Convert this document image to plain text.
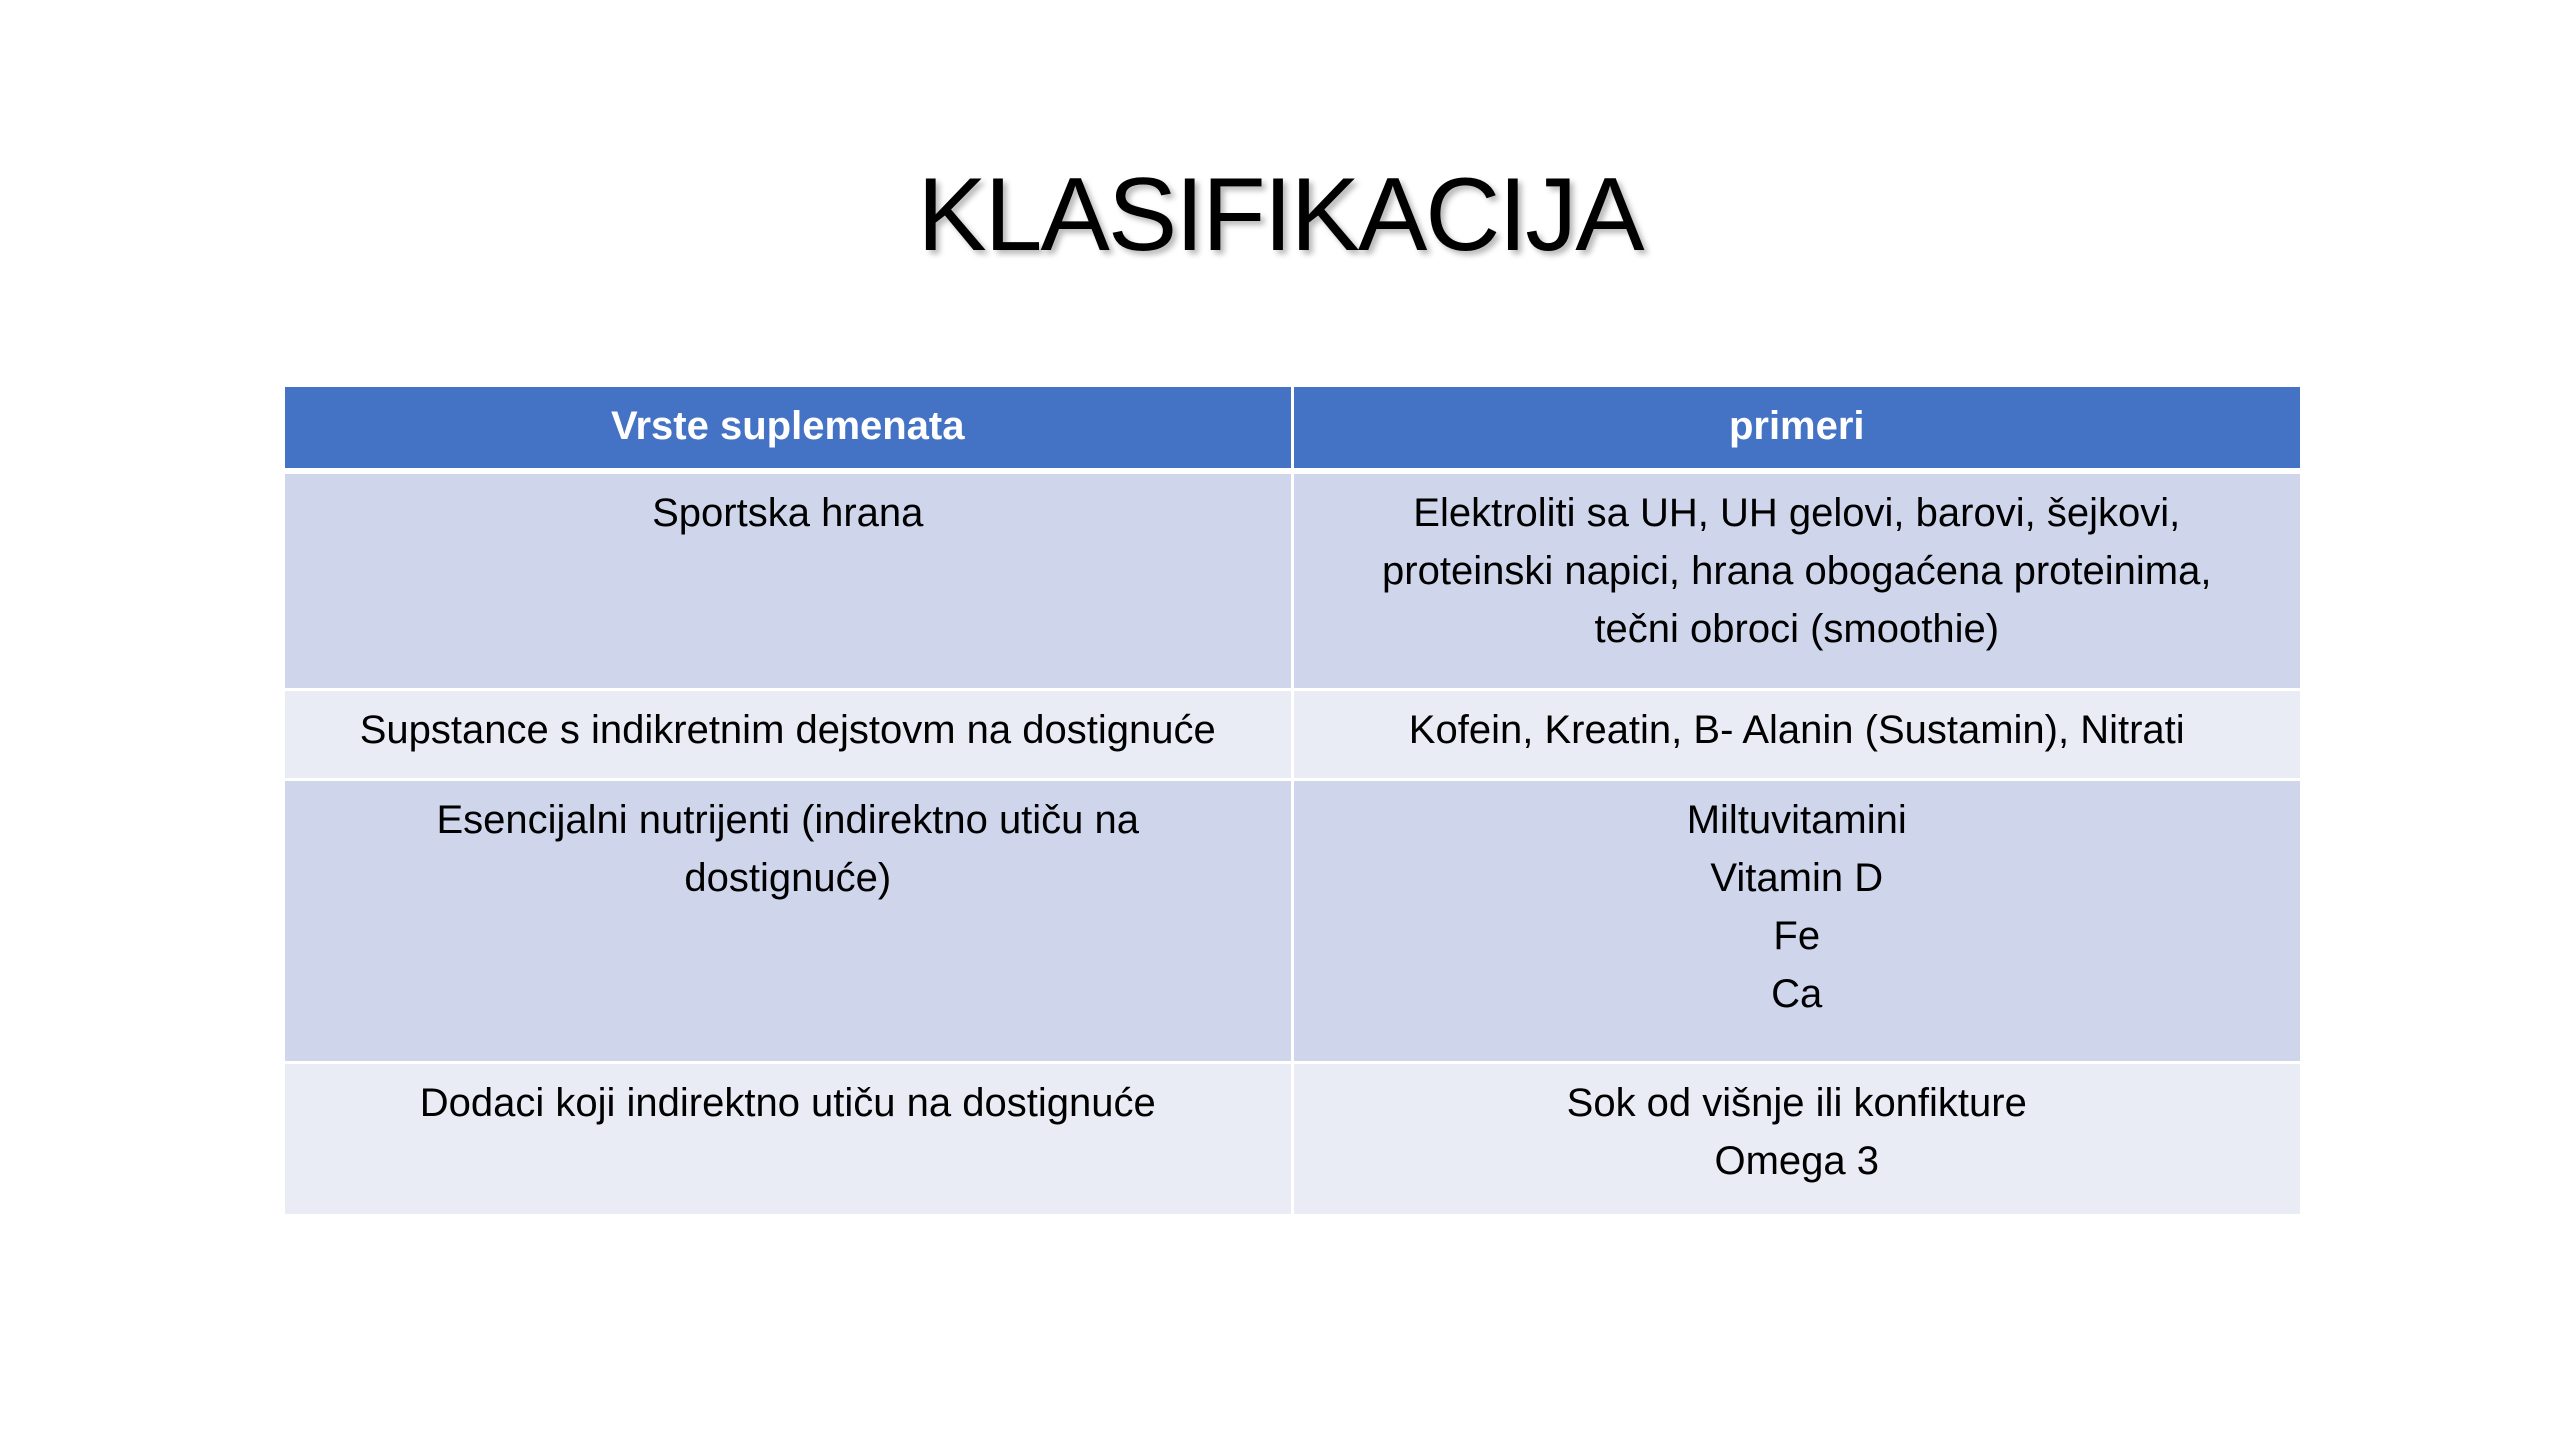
KLASIFIKACIJA
Vrste suplemenata	primeri

Sportska hrana	Elektroliti sa UH, UH gelovi, barovi, šejkovi,
proteinski napici, hrana obogaćena proteinima,
tečni obroci (smoothie)

Supstance s indikretnim dejstovm na dostignuće	Kofein, Kreatin, B- Alanin (Sustamin), Nitrati

Esencijalni nutrijenti (indirektno utiču na
dostignuće)	Miltuvitamini
Vitamin D
Fe
Ca

Dodaci koji indirektno utiču na dostignuće	Sok od višnje ili konfikture
Omega 3
